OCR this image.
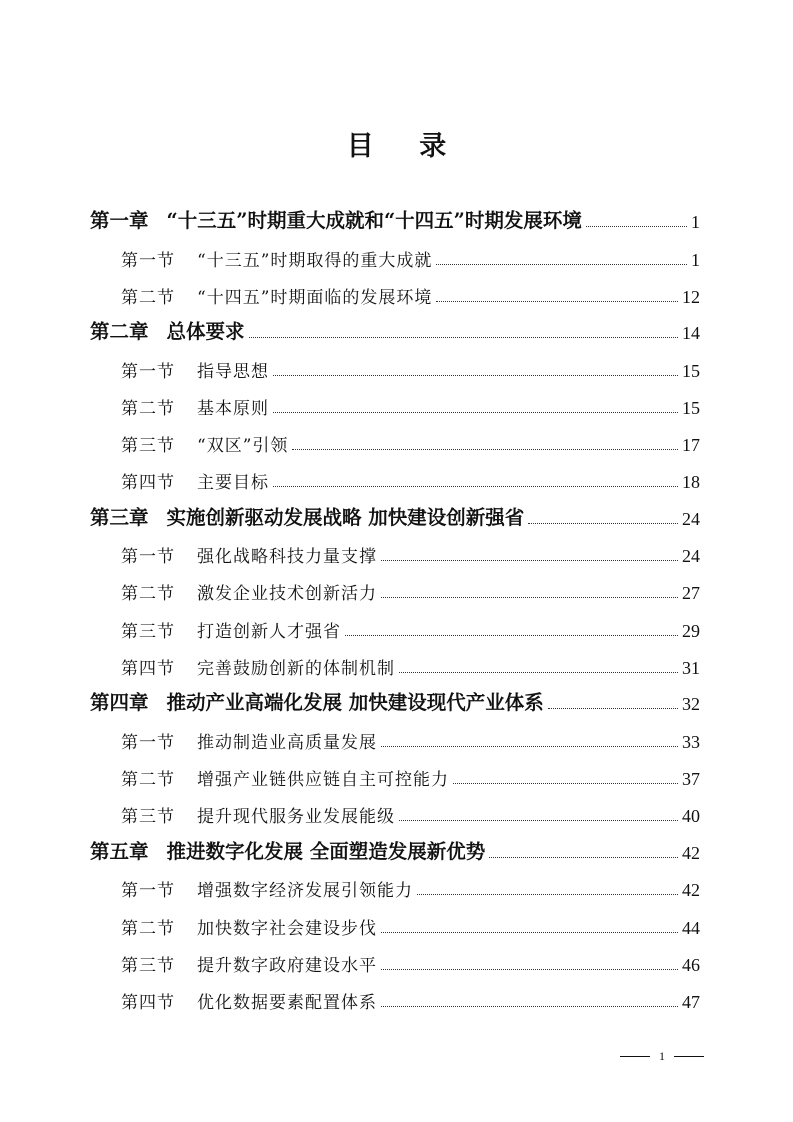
目 录
第一章 “十三五”时期重大成就和“十四五”时期发展环境	1
第一节 “十三五”时期取得的重大成就	1
第二节 “十四五”时期面临的发展环境	12
第二章 总体要求	14
第一节 指导思想	15
第二节 基本原则	15
第三节 “双区”引领	17
第四节 主要目标	18
第三章 实施创新驱动发展战略 加快建设创新强省	24
第一节 强化战略科技力量支撑	24
第二节 激发企业技术创新活力	27
第三节 打造创新人才强省	29
第四节 完善鼓励创新的体制机制	31
第四章 推动产业高端化发展 加快建设现代产业体系	32
第一节 推动制造业高质量发展	33
第二节 增强产业链供应链自主可控能力	37
第三节 提升现代服务业发展能级	40
第五章 推进数字化发展 全面塑造发展新优势	42
第一节 增强数字经济发展引领能力	42
第二节 加快数字社会建设步伐	44
第三节 提升数字政府建设水平	46
第四节 优化数据要素配置体系	47
1
